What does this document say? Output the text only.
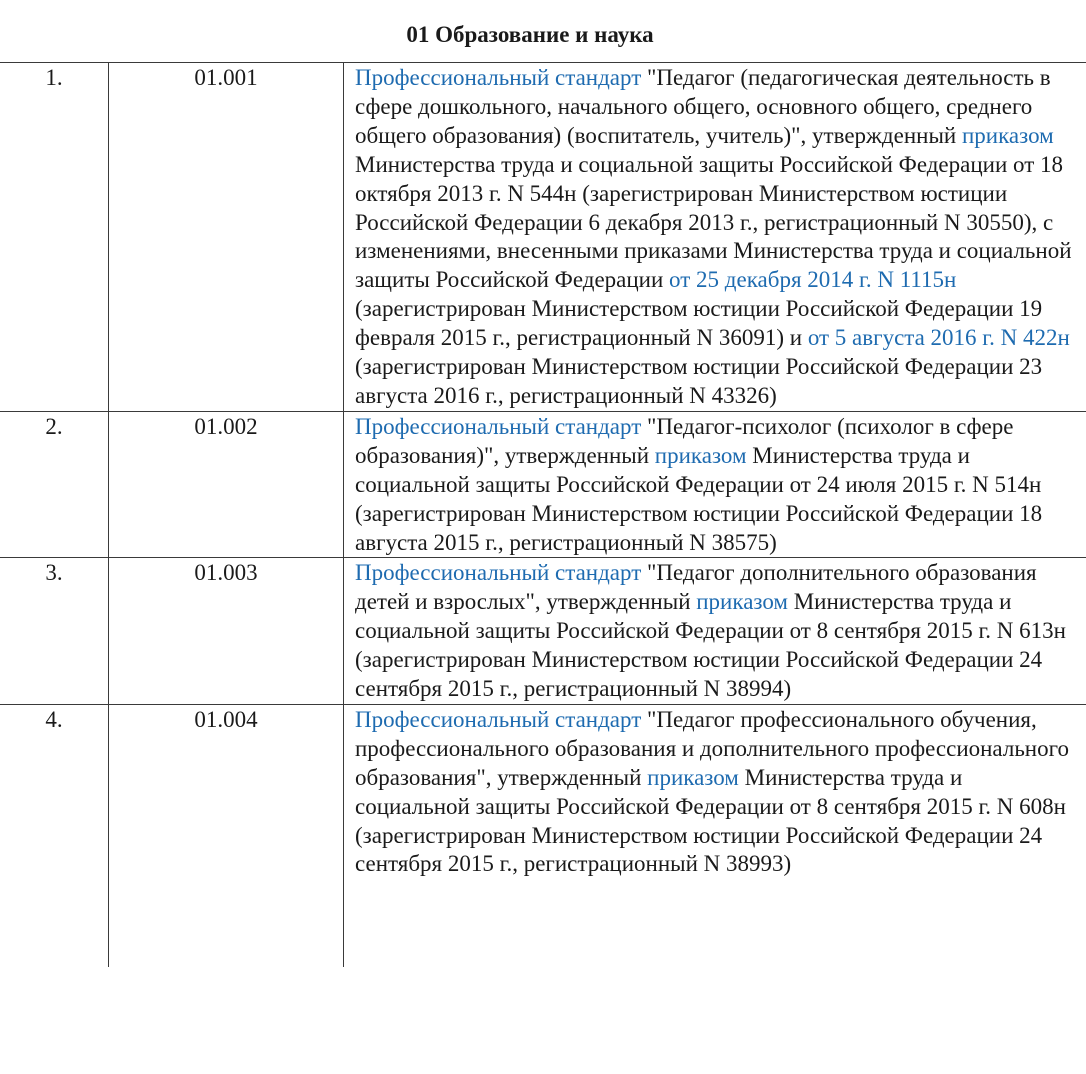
01 Образование и наука
1.	01.001	Профессиональный стандарт "Педагог (педагогическая деятельность в сфере дошкольного, начального общего, основного общего, среднего общего образования) (воспитатель, учитель)", утвержденный приказом Министерства труда и социальной защиты Российской Федерации от 18 октября 2013 г. N 544н (зарегистрирован Министерством юстиции Российской Федерации 6 декабря 2013 г., регистрационный N 30550), с изменениями, внесенными приказами Министерства труда и социальной защиты Российской Федерации от 25 декабря 2014 г. N 1115н (зарегистрирован Министерством юстиции Российской Федерации 19 февраля 2015 г., регистрационный N 36091) и от 5 августа 2016 г. N 422н (зарегистрирован Министерством юстиции Российской Федерации 23 августа 2016 г., регистрационный N 43326)

2.	01.002	Профессиональный стандарт "Педагог-психолог (психолог в сфере образования)", утвержденный приказом Министерства труда и социальной защиты Российской Федерации от 24 июля 2015 г. N 514н (зарегистрирован Министерством юстиции Российской Федерации 18 августа 2015 г., регистрационный N 38575)

3.	01.003	Профессиональный стандарт "Педагог дополнительного образования детей и взрослых", утвержденный приказом Министерства труда и социальной защиты Российской Федерации от 8 сентября 2015 г. N 613н (зарегистрирован Министерством юстиции Российской Федерации 24 сентября 2015 г., регистрационный N 38994)

4.	01.004	Профессиональный стандарт "Педагог профессионального обучения, профессионального образования и дополнительного профессионального образования", утвержденный приказом Министерства труда и социальной защиты Российской Федерации от 8 сентября 2015 г. N 608н (зарегистрирован Министерством юстиции Российской Федерации 24 сентября 2015 г., регистрационный N 38993)
